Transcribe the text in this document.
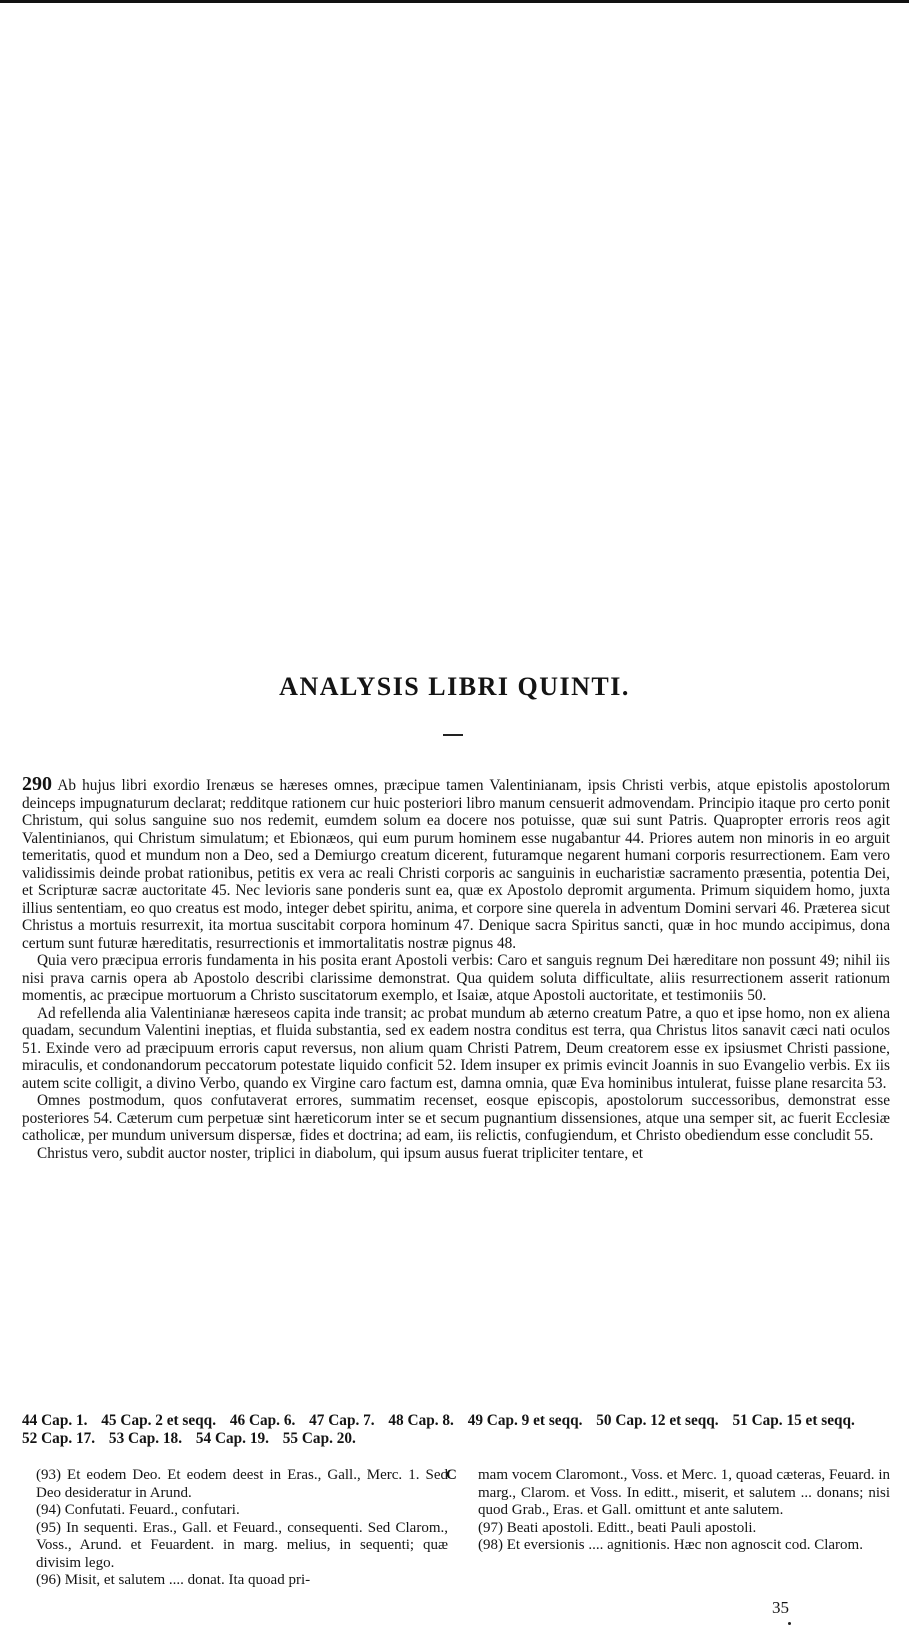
ANALYSIS LIBRI QUINTI.

290 Ab hujus libri exordio Irenæus se hæreses omnes, præcipue tamen Valentinianam, ipsis Christi verbis, atque epistolis apostolorum deinceps impugnaturum declarat; redditque rationem cur huic posteriori libro manum censuerit admovendam. Principio itaque pro certo ponit Christum, qui solus sanguine suo nos redemit, eumdem solum ea docere nos potuisse, quæ sui sunt Patris. Quapropter erroris reos agit Valentinianos, qui Christum simulatum; et Ebionæos, qui eum purum hominem esse nugabantur 44. Priores autem non minoris in eo arguit temeritatis, quod et mundum non a Deo, sed a Demiurgo creatum dicerent, futuramque negarent humani corporis resurrectionem. Eam vero validissimis deinde probat rationibus, petitis ex vera ac reali Christi corporis ac sanguinis in eucharistiæ sacramento præsentia, potentia Dei, et Scripturæ sacræ auctoritate 45. Nec levioris sane ponderis sunt ea, quæ ex Apostolo depromit argumenta. Primum siquidem homo, juxta illius sententiam, eo quo creatus est modo, integer debet spiritu, anima, et corpore sine querela in adventum Domini servari 46. Præterea sicut Christus a mortuis resurrexit, ita mortua suscitabit corpora hominum 47. Denique sacra Spiritus sancti, quæ in hoc mundo accipimus, dona certum sunt futuræ hæreditatis, resurrectionis et immortalitatis nostræ pignus 48.

Quia vero præcipua erroris fundamenta in his posita erant Apostoli verbis: Caro et sanguis regnum Dei hæreditare non possunt 49; nihil iis nisi prava carnis opera ab Apostolo describi clarissime demonstrat. Qua quidem soluta difficultate, aliis resurrectionem asserit rationum momentis, ac præcipue mortuorum a Christo suscitatorum exemplo, et Isaiæ, atque Apostoli auctoritate, et testimoniis 50.

Ad refellenda alia Valentinianæ hæreseos capita inde transit; ac probat mundum ab æterno creatum Patre, a quo et ipse homo, non ex aliena quadam, secundum Valentini ineptias, et fluida substantia, sed ex eadem nostra conditus est terra, qua Christus litos sanavit cæci nati oculos 51. Exinde vero ad præcipuum erroris caput reversus, non alium quam Christi Patrem, Deum creatorem esse ex ipsiusmet Christi passione, miraculis, et condonandorum peccatorum potestate liquido conficit 52. Idem insuper ex primis evincit Joannis in suo Evangelio verbis. Ex iis autem scite colligit, a divino Verbo, quando ex Virgine caro factum est, damna omnia, quæ Eva hominibus intulerat, fuisse plane resarcita 53.

Omnes postmodum, quos confutaverat errores, summatim recenset, eosque episcopis, apostolorum successoribus, demonstrat esse posteriores 54. Cæterum cum perpetuæ sint hæreticorum inter se et secum pugnantium dissensiones, atque una semper sit, ac fuerit Ecclesiæ catholicæ, per mundum universum dispersæ, fides et doctrina; ad eam, iis relictis, confugiendum, et Christo obediendum esse concludit 55.

Christus vero, subdit auctor noster, triplici in diabolum, qui ipsum ausus fuerat tripliciter tentare, et

44 Cap. 1. 45 Cap. 2 et seqq. 46 Cap. 6. 47 Cap. 7. 48 Cap. 8. 49 Cap. 9 et seqq. 50 Cap. 12 et seqq. 51 Cap. 15 et seqq. 52 Cap. 17. 53 Cap. 18. 54 Cap. 19. 55 Cap. 20.
C

(93) Et eodem Deo. Et eodem deest in Eras., Gall., Merc. 1. Sed Deo desideratur in Arund.

(94) Confutati. Feuard., confutari.

(95) In sequenti. Eras., Gall. et Feuard., consequenti. Sed Clarom., Voss., Arund. et Feuardent. in marg. melius, in sequenti; quæ divisim lego.

(96) Misit, et salutem .... donat. Ita quoad pri-

mam vocem Claromont., Voss. et Merc. 1, quoad cæteras, Feuard. in marg., Clarom. et Voss. In editt., miserit, et salutem ... donans; nisi quod Grab., Eras. et Gall. omittunt et ante salutem.

(97) Beati apostoli. Editt., beati Pauli apostoli.

(98) Et eversionis .... agnitionis. Hæc non agnoscit cod. Clarom.

35
